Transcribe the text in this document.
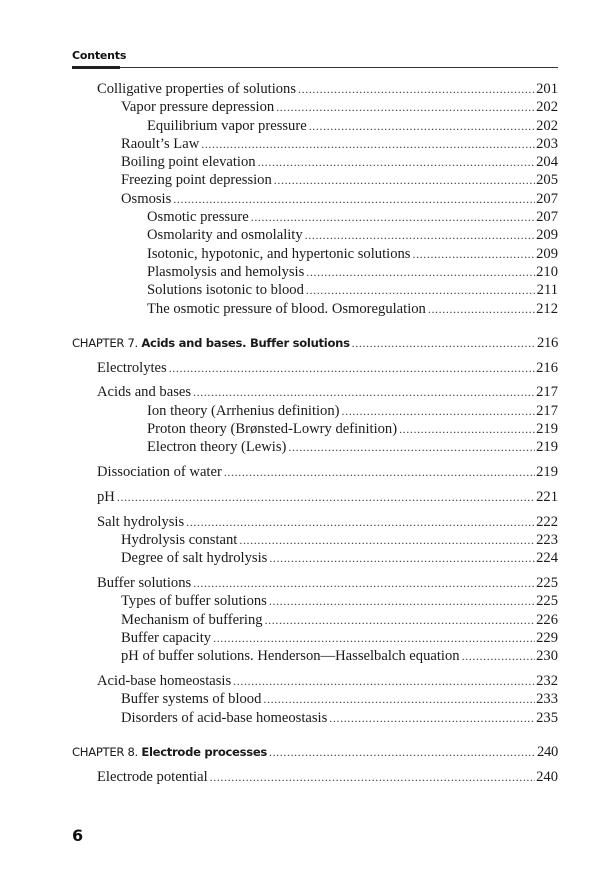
Contents
Colligative properties of solutions .....	201
Vapor pressure depression .....	202
Equilibrium vapor pressure .....	202
Raoult’s Law .....	203
Boiling point elevation .....	204
Freezing point depression .....	205
Osmosis .....	207
Osmotic pressure .....	207
Osmolarity and osmolality .....	209
Isotonic, hypotonic, and hypertonic solutions .....	209
Plasmolysis and hemolysis .....	210
Solutions isotonic to blood .....	211
The osmotic pressure of blood. Osmoregulation .....	212
CHAPTER 7. Acids and bases. Buffer solutions .....	216
Electrolytes .....	216
Acids and bases .....	217
Ion theory (Arrhenius definition) .....	217
Proton theory (Brønsted-Lowry definition) .....	219
Electron theory (Lewis) .....	219
Dissociation of water .....	219
pH .....	221
Salt hydrolysis .....	222
Hydrolysis constant .....	223
Degree of salt hydrolysis .....	224
Buffer solutions .....	225
Types of buffer solutions .....	225
Mechanism of buffering .....	226
Buffer capacity .....	229
pH of buffer solutions. Henderson—Hasselbalch equation .....	230
Acid-base homeostasis .....	232
Buffer systems of blood .....	233
Disorders of acid-base homeostasis .....	235
CHAPTER 8. Electrode processes .....	240
Electrode potential .....	240
6
